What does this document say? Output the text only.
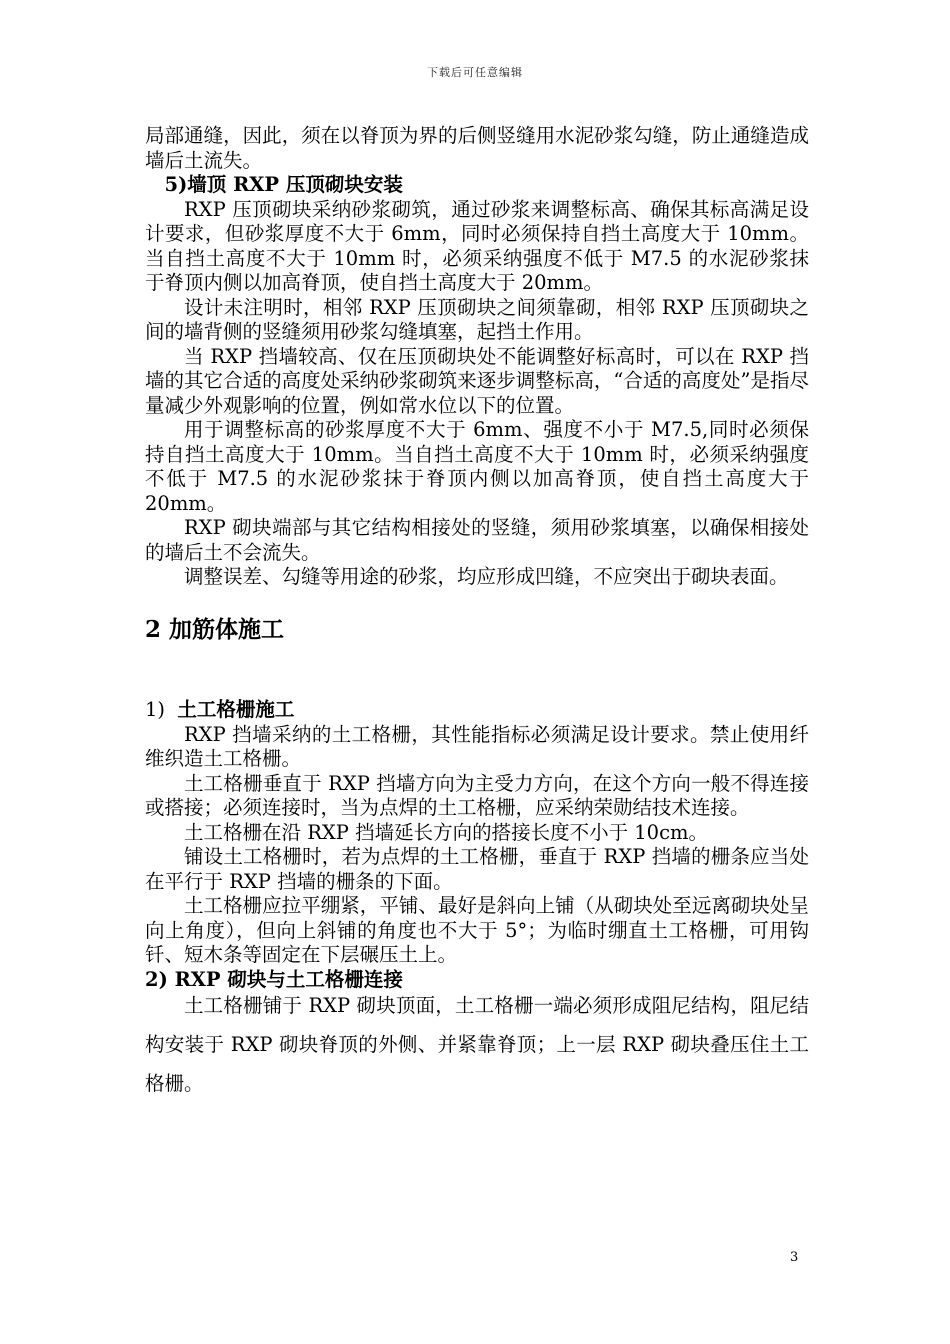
下载后可任意编辑

局部通缝，因此，须在以脊顶为界的后侧竖缝用水泥砂浆勾缝，防止通缝造成墙后土流失。

5)墙顶 RXP 压顶砌块安装

RXP 压顶砌块采纳砂浆砌筑，通过砂浆来调整标高、确保其标高满足设计要求，但砂浆厚度不大于 6mm，同时必须保持自挡土高度大于 10mm。当自挡土高度不大于 10mm 时，必须采纳强度不低于 M7.5 的水泥砂浆抹于脊顶内侧以加高脊顶，使自挡土高度大于 20mm。

设计未注明时，相邻 RXP 压顶砌块之间须靠砌，相邻 RXP 压顶砌块之间的墙背侧的竖缝须用砂浆勾缝填塞，起挡土作用。

当 RXP 挡墙较高、仅在压顶砌块处不能调整好标高时，可以在 RXP 挡墙的其它合适的高度处采纳砂浆砌筑来逐步调整标高，“合适的高度处”是指尽量减少外观影响的位置，例如常水位以下的位置。

用于调整标高的砂浆厚度不大于 6mm、强度不小于 M7.5,同时必须保持自挡土高度大于 10mm。当自挡土高度不大于 10mm 时，必须采纳强度不低于 M7.5 的水泥砂浆抹于脊顶内侧以加高脊顶，使自挡土高度大于 20mm。

RXP 砌块端部与其它结构相接处的竖缝，须用砂浆填塞，以确保相接处的墙后土不会流失。

调整误差、勾缝等用途的砂浆，均应形成凹缝，不应突出于砌块表面。

2 加筋体施工

1) 土工格栅施工

RXP 挡墙采纳的土工格栅，其性能指标必须满足设计要求。禁止使用纤维织造土工格栅。

土工格栅垂直于 RXP 挡墙方向为主受力方向，在这个方向一般不得连接或搭接；必须连接时，当为点焊的土工格栅，应采纳荣勋结技术连接。

土工格栅在沿 RXP 挡墙延长方向的搭接长度不小于 10cm。

铺设土工格栅时，若为点焊的土工格栅，垂直于 RXP 挡墙的栅条应当处在平行于 RXP 挡墙的栅条的下面。

土工格栅应拉平绷紧，平铺、最好是斜向上铺（从砌块处至远离砌块处呈向上角度），但向上斜铺的角度也不大于 5°；为临时绷直土工格栅，可用钩钎、短木条等固定在下层碾压土上。

2) RXP 砌块与土工格栅连接

土工格栅铺于 RXP 砌块顶面，土工格栅一端必须形成阻尼结构，阻尼结构安装于 RXP 砌块脊顶的外侧、并紧靠脊顶；上一层 RXP 砌块叠压住土工格栅。

3
